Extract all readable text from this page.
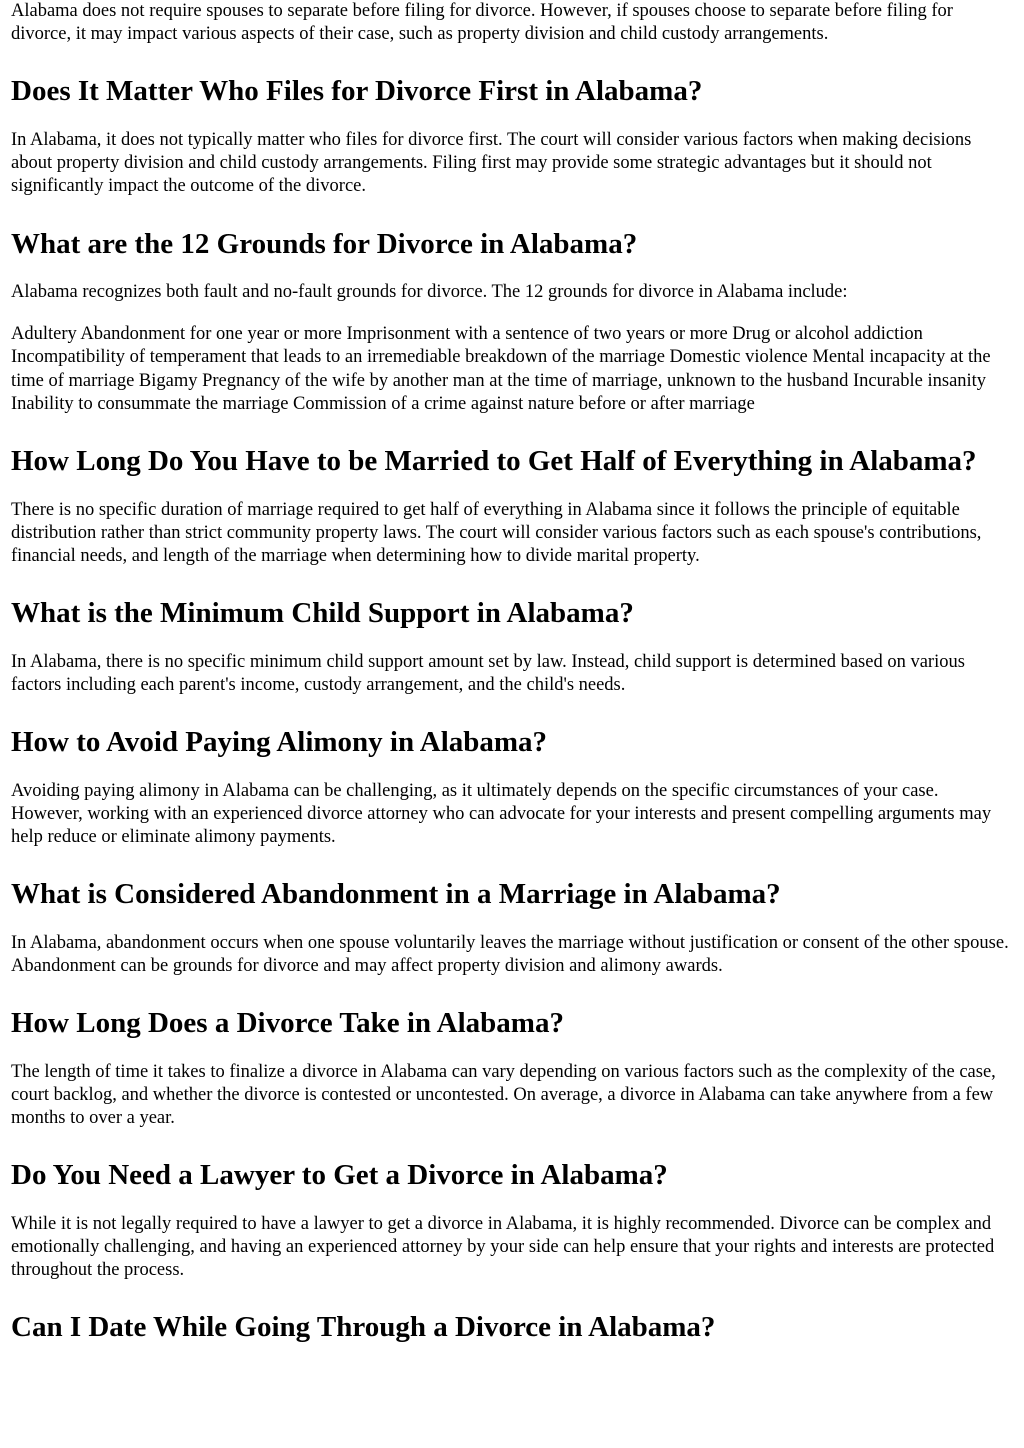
Alabama does not require spouses to separate before filing for divorce. However, if spouses choose to separate before filing for divorce, it may impact various aspects of their case, such as property division and child custody arrangements.

Does It Matter Who Files for Divorce First in Alabama?

In Alabama, it does not typically matter who files for divorce first. The court will consider various factors when making decisions about property division and child custody arrangements. Filing first may provide some strategic advantages but it should not significantly impact the outcome of the divorce.

What are the 12 Grounds for Divorce in Alabama?

Alabama recognizes both fault and no-fault grounds for divorce. The 12 grounds for divorce in Alabama include:

Adultery Abandonment for one year or more Imprisonment with a sentence of two years or more Drug or alcohol addiction Incompatibility of temperament that leads to an irremediable breakdown of the marriage Domestic violence Mental incapacity at the time of marriage Bigamy Pregnancy of the wife by another man at the time of marriage, unknown to the husband Incurable insanity Inability to consummate the marriage Commission of a crime against nature before or after marriage

How Long Do You Have to be Married to Get Half of Everything in Alabama?

There is no specific duration of marriage required to get half of everything in Alabama since it follows the principle of equitable distribution rather than strict community property laws. The court will consider various factors such as each spouse's contributions, financial needs, and length of the marriage when determining how to divide marital property.

What is the Minimum Child Support in Alabama?

In Alabama, there is no specific minimum child support amount set by law. Instead, child support is determined based on various factors including each parent's income, custody arrangement, and the child's needs.

How to Avoid Paying Alimony in Alabama?

Avoiding paying alimony in Alabama can be challenging, as it ultimately depends on the specific circumstances of your case. However, working with an experienced divorce attorney who can advocate for your interests and present compelling arguments may help reduce or eliminate alimony payments.

What is Considered Abandonment in a Marriage in Alabama?

In Alabama, abandonment occurs when one spouse voluntarily leaves the marriage without justification or consent of the other spouse. Abandonment can be grounds for divorce and may affect property division and alimony awards.

How Long Does a Divorce Take in Alabama?

The length of time it takes to finalize a divorce in Alabama can vary depending on various factors such as the complexity of the case, court backlog, and whether the divorce is contested or uncontested. On average, a divorce in Alabama can take anywhere from a few months to over a year.

Do You Need a Lawyer to Get a Divorce in Alabama?

While it is not legally required to have a lawyer to get a divorce in Alabama, it is highly recommended. Divorce can be complex and emotionally challenging, and having an experienced attorney by your side can help ensure that your rights and interests are protected throughout the process.

Can I Date While Going Through a Divorce in Alabama?
